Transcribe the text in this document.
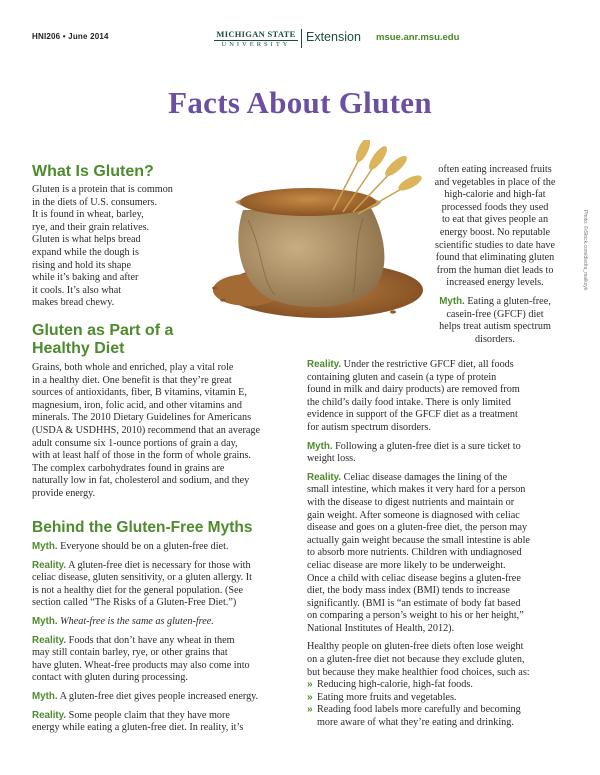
HNI206 • June 2014	MICHIGAN STATE
UNIVERSITY
Extension msue.anr.msu.edu
Facts About Gluten
Photo: ©iStock.com/diedra_malkoyk
What Is Gluten?
Gluten is a protein that is common
in the diets of U.S. consumers.
It is found in wheat, barley,
rye, and their grain relatives.
Gluten is what helps bread
expand while the dough is
rising and hold its shape
while it’s baking and after
it cools. It’s also what
makes bread chewy.
Gluten as Part of a
Healthy Diet
Grains, both whole and enriched, play a vital role
in a healthy diet. One benefit is that they’re great
sources of antioxidants, fiber, B vitamins, vitamin E,
magnesium, iron, folic acid, and other vitamins and
minerals. The 2010 Dietary Guidelines for Americans
(USDA & USDHHS, 2010) recommend that an average
adult consume six 1-ounce portions of grain a day,
with at least half of those in the form of whole grains.
The complex carbohydrates found in grains are
naturally low in fat, cholesterol and sodium, and they
provide energy.
Behind the Gluten-Free Myths
Myth. Everyone should be on a gluten-free diet.
Reality. A gluten-free diet is necessary for those with
celiac disease, gluten sensitivity, or a gluten allergy. It
is not a healthy diet for the general population. (See
section called “The Risks of a Gluten-Free Diet.”)
Myth. Wheat-free is the same as gluten-free.
Reality. Foods that don’t have any wheat in them
may still contain barley, rye, or other grains that
have gluten. Wheat-free products may also come into
contact with gluten during processing.
Myth. A gluten-free diet gives people increased energy.
Reality. Some people claim that they have more
energy while eating a gluten-free diet. In reality, it’s
often eating increased fruits
and vegetables in place of the
high-calorie and high-fat
processed foods they used
to eat that gives people an
energy boost. No reputable
scientific studies to date have
found that eliminating gluten
from the human diet leads to
increased energy levels.
Myth. Eating a gluten-free,
casein-free (GFCF) diet
helps treat autism spectrum
disorders.
Reality. Under the restrictive GFCF diet, all foods
containing gluten and casein (a type of protein
found in milk and dairy products) are removed from
the child’s daily food intake. There is only limited
evidence in support of the GFCF diet as a treatment
for autism spectrum disorders.
Myth. Following a gluten-free diet is a sure ticket to
weight loss.
Reality. Celiac disease damages the lining of the
small intestine, which makes it very hard for a person
with the disease to digest nutrients and maintain or
gain weight. After someone is diagnosed with celiac
disease and goes on a gluten-free diet, the person may
actually gain weight because the small intestine is able
to absorb more nutrients. Children with undiagnosed
celiac disease are more likely to be underweight.
Once a child with celiac disease begins a gluten-free
diet, the body mass index (BMI) tends to increase
significantly. (BMI is “an estimate of body fat based
on comparing a person’s weight to his or her height,”
National Institutes of Health, 2012).
Healthy people on gluten-free diets often lose weight
on a gluten-free diet not because they exclude gluten,
but because they make healthier food choices, such as:
» Reducing high-calorie, high-fat foods.
» Eating more fruits and vegetables.
» Reading food labels more carefully and becoming
more aware of what they’re eating and drinking.
